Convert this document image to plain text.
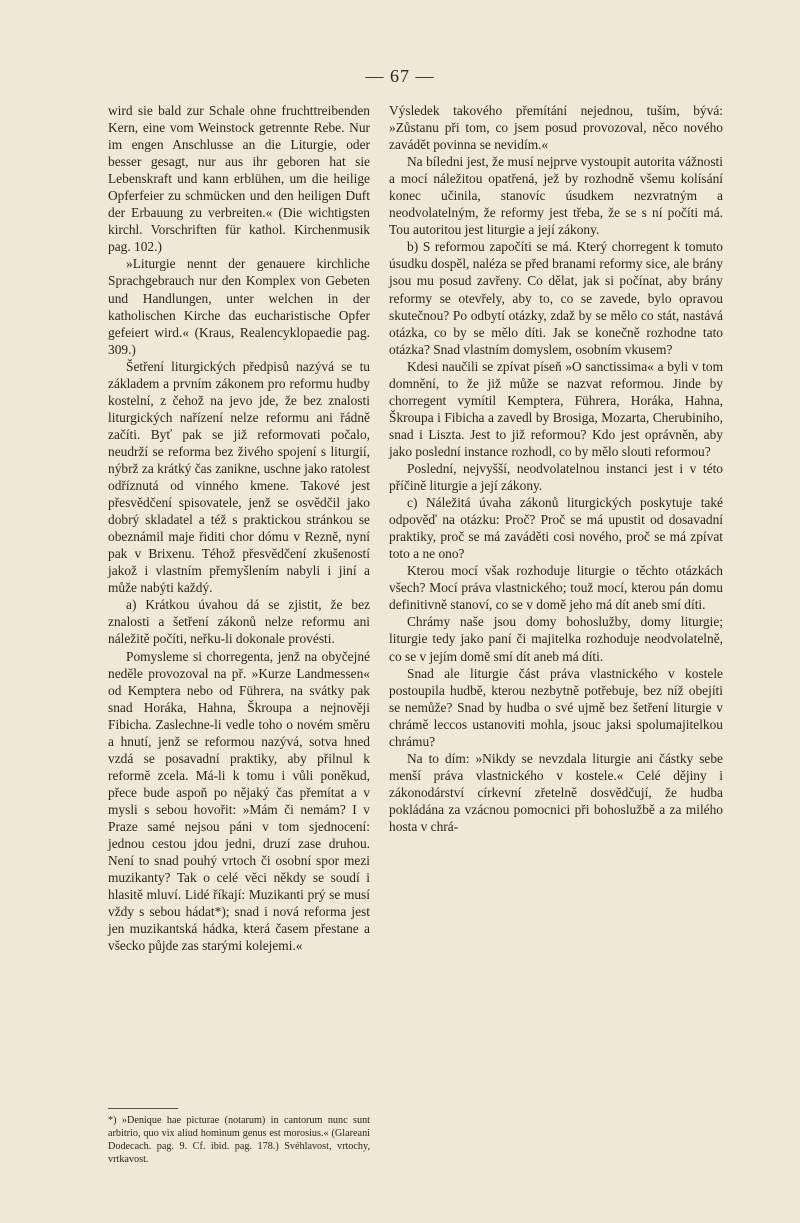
— 67 —

wird sie bald zur Schale ohne fruchttreibenden Kern, eine vom Weinstock getrennte Rebe. Nur im engen Anschlusse an die Liturgie, oder besser gesagt, nur aus ihr geboren hat sie Lebenskraft und kann erblühen, um die heilige Opferfeier zu schmücken und den heiligen Duft der Erbauung zu verbreiten.« (Die wichtigsten kirchl. Vorschriften für kathol. Kirchenmusik pag. 102.)

»Liturgie nennt der genauere kirchliche Sprachgebrauch nur den Komplex von Gebeten und Handlungen, unter welchen in der katholischen Kirche das eucharistische Opfer gefeiert wird.« (Kraus, Realencyklopaedie pag. 309.)

Šetření liturgických předpisů nazývá se tu základem a prvním zákonem pro reformu hudby kostelní, z čehož na jevo jde, že bez znalosti liturgických nařízení nelze reformu ani řádně začíti. Byť pak se již reformovati počalo, neudrží se reforma bez živého spojení s liturgií, nýbrž za krátký čas zanikne, uschne jako ratolest odříznutá od vinného kmene. Takové jest přesvědčení spisovatele, jenž se osvědčil jako dobrý skladatel a též s praktickou stránkou se obeznámil maje řiditi chor dómu v Rezně, nyní pak v Brixenu. Téhož přesvědčení zkušeností jakož i vlastním přemyšlením nabyli i jiní a může nabýti každý.

a) Krátkou úvahou dá se zjistit, že bez znalosti a šetření zákonů nelze reformu ani náležitě počíti, neřku-li dokonale provésti.

Pomysleme si chorregenta, jenž na obyčejné neděle provozoval na př. »Kurze Landmessen« od Kemptera nebo od Führera, na svátky pak snad Horáka, Hahna, Škroupa a nejnověji Fibicha. Zaslechne-li vedle toho o novém směru a hnutí, jenž se reformou nazývá, sotva hned vzdá se posavadní praktiky, aby přilnul k reformě zcela. Má-li k tomu i vůli poněkud, přece bude aspoň po nějaký čas přemítat a v mysli s sebou hovořit: »Mám či nemám? I v Praze samé nejsou páni v tom sjednocení: jednou cestou jdou jedni, druzí zase druhou. Není to snad pouhý vrtoch či osobní spor mezi muzikanty? Tak o celé věci někdy se soudí i hlasitě mluví. Lidé říkají: Muzikanti prý se musí vždy s sebou hádat*); snad i nová reforma jest jen muzikantská hádka, která časem přestane a všecko půjde zas starými kolejemi.«

Výsledek takového přemítání nejednou, tuším, bývá: »Zůstanu při tom, co jsem posud provozoval, něco nového zavádět povinna se nevidím.«

Na bíledni jest, že musí nejprve vystoupit autorita vážnosti a mocí náležitou opatřená, jež by rozhodně všemu kolísání konec učinila, stanovíc úsudkem nezvratným a neodvolatelným, že reformy jest třeba, že se s ní počíti má. Tou autoritou jest liturgie a její zákony.

b) S reformou započíti se má. Který chorregent k tomuto úsudku dospěl, naléza se před branami reformy sice, ale brány jsou mu posud zavřeny. Co dělat, jak si počínat, aby brány reformy se otevřely, aby to, co se zavede, bylo opravou skutečnou? Po odbytí otázky, zdaž by se mělo co stát, nastává otázka, co by se mělo díti. Jak se konečně rozhodne tato otázka? Snad vlastním domyslem, osobním vkusem?

Kdesi naučili se zpívat píseň »O sanctissima« a byli v tom domnění, to že již může se nazvat reformou. Jinde by chorregent vymítil Kemptera, Führera, Horáka, Hahna, Škroupa i Fibicha a zavedl by Brosiga, Mozarta, Cherubiniho, snad i Liszta. Jest to již reformou? Kdo jest oprávněn, aby jako poslední instance rozhodl, co by mělo slouti reformou?

Poslední, nejvyšší, neodvolatelnou instanci jest i v této příčině liturgie a její zákony.

c) Náležitá úvaha zákonů liturgických poskytuje také odpověď na otázku: Proč? Proč se má upustit od dosavadní praktiky, proč se má zaváděti cosi nového, proč se má zpívat toto a ne ono?

Kterou mocí však rozhoduje liturgie o těchto otázkách všech? Mocí práva vlastnického; touž mocí, kterou pán domu definitivně stanoví, co se v domě jeho má dít aneb smí díti.

Chrámy naše jsou domy bohoslužby, domy liturgie; liturgie tedy jako paní či majitelka rozhoduje neodvolatelně, co se v jejím domě smí dít aneb má díti.

Snad ale liturgie část práva vlastnického v kostele postoupila hudbě, kterou nezbytně potřebuje, bez níž obejíti se nemůže? Snad by hudba o své ujmě bez šetření liturgie v chrámě leccos ustanoviti mohla, jsouc jaksi spolumajitelkou chrámu?

Na to dím: »Nikdy se nevzdala liturgie ani částky sebe menší práva vlastnického v kostele.« Celé dějiny i zákonodárství církevní zřetelně dosvědčují, že hudba pokládána za vzácnou pomocnici při bohoslužbě a za milého hosta v chrá-

*) »Denique hae picturae (notarum) in cantorum nunc sunt arbitrio, quo vix aliud hominum genus est morosius.« (Glareani Dodecach. pag. 9. Cf. ibid. pag. 178.) Svéhlavost, vrtochy, vrtkavost.
